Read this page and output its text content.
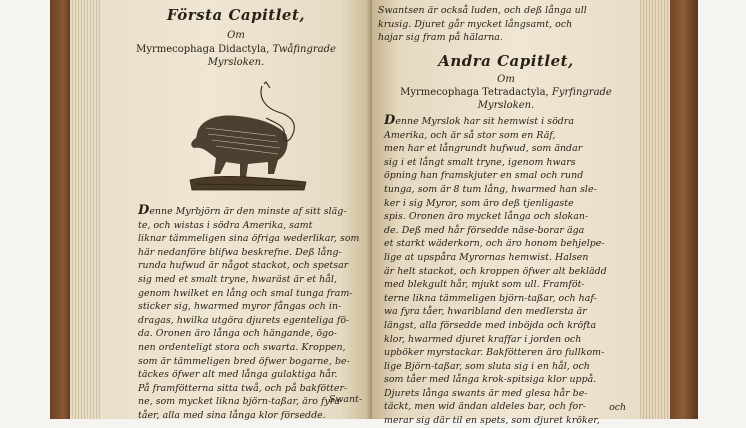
Första Capitlet,
Om
Myrmecophaga Didactyla, Twåfingrade
Myrsloken.
Denne Myrbjörn är den minste af sitt släg-
te, och wistas i södra Amerika, samt
liknar tämmeligen sina öfriga wederlikar, som
här nedanföre blifwa beskrefne. Deß lång-
runda hufwud är något stackot, och spetsar
sig med et smalt tryne, hwaräst är et hål,
genom hwilket en lång och smal tunga fram-
sticker sig, hwarmed myror fångas och in-
dragas, hwilka utgöra djurets egenteliga fö-
da. Oronen äro långa och hängande, ögo-
nen ordenteligt stora och swarta. Kroppen,
som är tämmeligen bred öfwer bogarne, be-
täckes öfwer alt med långa gulaktiga hår.
På framfötterna sitta twå, och på bakfötter-
ne, som mycket likna björn-taßar, äro fyra
tåer, alla med sina långa klor försedde.
Swant-
Swantsen är också luden, och deß långa ull
krusig. Djuret går mycket långsamt, och
hajar sig fram på hälarna.
Andra Capitlet,
Om
Myrmecophaga Tetradactyla, Fyrfingrade
Myrsloken.
Denne Myrslok har sit hemwist i södra
Amerika, och är så stor som en Räf,
men har et långrundt hufwud, som ändar
sig i et långt smalt tryne, igenom hwars
öpning han framskjuter en smal och rund
tunga, som är 8 tum lång, hwarmed han sle-
ker i sig Myror, som äro deß tjenligaste
spis. Oronen äro mycket långa och slokan-
de. Deß med hår försedde näse-borar äga
et starkt wäderkorn, och äro honom behjelpe-
lige at upspåra Myrornas hemwist. Halsen
är helt stackot, och kroppen öfwer alt beklädd
med blekgult hår, mjukt som ull. Framföt-
terne likna tämmeligen björn-taßar, och haf-
wa fyra tåer, hwaribland den medlersta är
längst, alla försedde med inböjda och kröfta
klor, hwarmed djuret kraffar i jorden och
upböker myrstackar. Bakfötteren äro fullkom-
lige Björn-taßar, som sluta sig i en hål, och
som tåer med långa krok-spitsiga klor uppå.
Djurets långa swants är med glesa hår be-
täckt, men wid ändan aldeles bar, och for-
merar sig där til en spets, som djuret kröker,
och
